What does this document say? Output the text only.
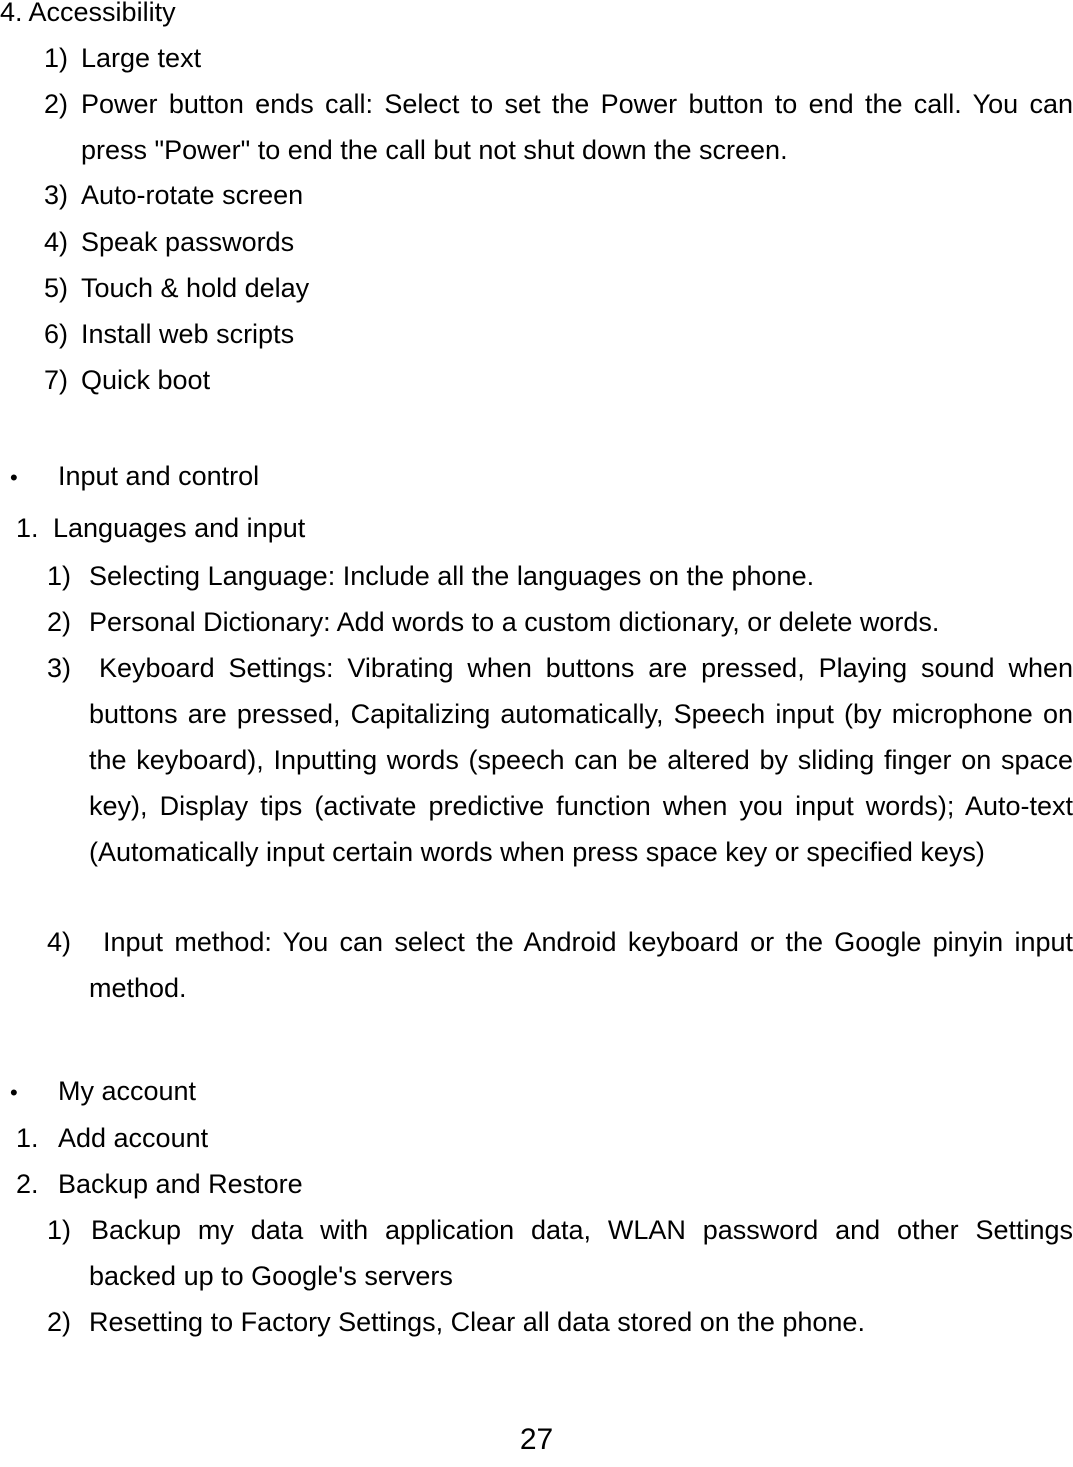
4. Accessibility
1) Large text
2) Power button ends call: Select to set the Power button to end the call. You can press "Power" to end the call but not shut down the screen.
3) Auto-rotate screen
4) Speak passwords
5) Touch & hold delay
6) Install web scripts
7) Quick boot
• Input and control
1. Languages and input
1) Selecting Language: Include all the languages on the phone.
2) Personal Dictionary: Add words to a custom dictionary, or delete words.
3)	Keyboard Settings: Vibrating when buttons are pressed, Playing sound when buttons are pressed, Capitalizing automatically, Speech input (by microphone on the keyboard), Inputting words (speech can be altered by sliding finger on space key), Display tips (activate predictive function when you input words); Auto-text (Automatically input certain words when press space key or specified keys)
4)	Input method: You can select the Android keyboard or the Google pinyin input method.
• My account
1. Add account
2. Backup and Restore
1) Backup my data with application data, WLAN password and other Settings backed up to Google's servers
2) Resetting to Factory Settings, Clear all data stored on the phone.
27
